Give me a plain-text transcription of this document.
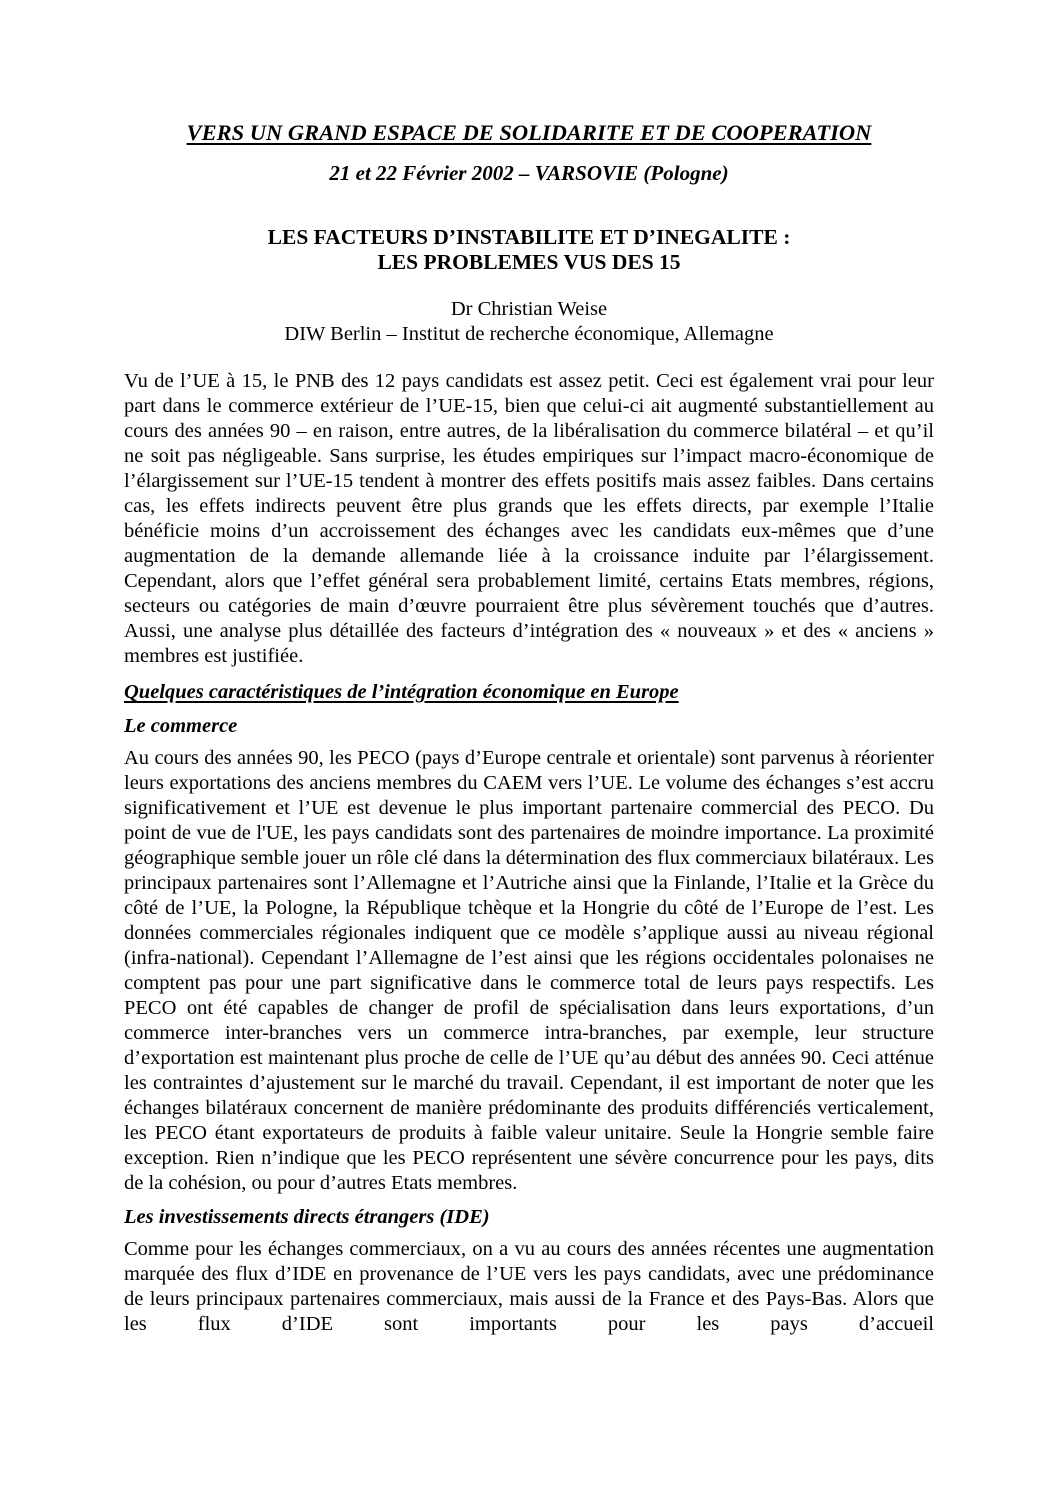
VERS UN GRAND ESPACE DE SOLIDARITE ET DE COOPERATION

21 et 22 Février 2002 – VARSOVIE (Pologne)

LES FACTEURS D’INSTABILITE ET D’INEGALITE :
LES PROBLEMES VUS DES 15
Dr Christian Weise
DIW Berlin – Institut de recherche économique, Allemagne

Vu de l’UE à 15, le PNB des 12 pays candidats est assez petit. Ceci est également vrai pour leur part dans le commerce extérieur de l’UE-15, bien que celui-ci ait augmenté substantiellement au cours des années 90 – en raison, entre autres, de la libéralisation du commerce bilatéral – et qu’il ne soit pas négligeable. Sans surprise, les études empiriques sur l’impact macro-économique de l’élargissement sur l’UE-15 tendent à montrer des effets positifs mais assez faibles. Dans certains cas, les effets indirects peuvent être plus grands que les effets directs, par exemple l’Italie bénéficie moins d’un accroissement des échanges avec les candidats eux-mêmes que d’une augmentation de la demande allemande liée à la croissance induite par l’élargissement. Cependant, alors que l’effet général sera probablement limité, certains Etats membres, régions, secteurs ou catégories de main d’œuvre pourraient être plus sévèrement touchés que d’autres. Aussi, une analyse plus détaillée des facteurs d’intégration des « nouveaux » et des « anciens » membres est justifiée.

Quelques caractéristiques de l’intégration économique en Europe
Le commerce

Au cours des années 90, les PECO (pays d’Europe centrale et orientale) sont parvenus à réorienter leurs exportations des anciens membres du CAEM vers l’UE. Le volume des échanges s’est accru significativement et l’UE est devenue le plus important partenaire commercial des PECO. Du point de vue de l'UE, les pays candidats sont des partenaires de moindre importance. La proximité géographique semble jouer un rôle clé dans la détermination des flux commerciaux bilatéraux. Les principaux partenaires sont l’Allemagne et l’Autriche ainsi que la Finlande, l’Italie et la Grèce du côté de l’UE, la Pologne, la République tchèque et la Hongrie du côté de l’Europe de l’est. Les données commerciales régionales indiquent que ce modèle s’applique aussi au niveau régional (infra-national). Cependant l’Allemagne de l’est ainsi que les régions occidentales polonaises ne comptent pas pour une part significative dans le commerce total de leurs pays respectifs. Les PECO ont été capables de changer de profil de spécialisation dans leurs exportations, d’un commerce inter-branches vers un commerce intra-branches, par exemple, leur structure d’exportation est maintenant plus proche de celle de l’UE qu’au début des années 90. Ceci atténue les contraintes d’ajustement sur le marché du travail. Cependant, il est important de noter que les échanges bilatéraux concernent de manière prédominante des produits différenciés verticalement, les PECO étant exportateurs de produits à faible valeur unitaire. Seule la Hongrie semble faire exception. Rien n’indique que les PECO représentent une sévère concurrence pour les pays, dits de la cohésion, ou pour d’autres Etats membres.

Les investissements directs étrangers (IDE)

Comme pour les échanges commerciaux, on a vu au cours des années récentes une augmentation marquée des flux d’IDE en provenance de l’UE vers les pays candidats, avec une prédominance de leurs principaux partenaires commerciaux, mais aussi de la France et des Pays-Bas. Alors que les flux d’IDE sont importants pour les pays d’accueil
